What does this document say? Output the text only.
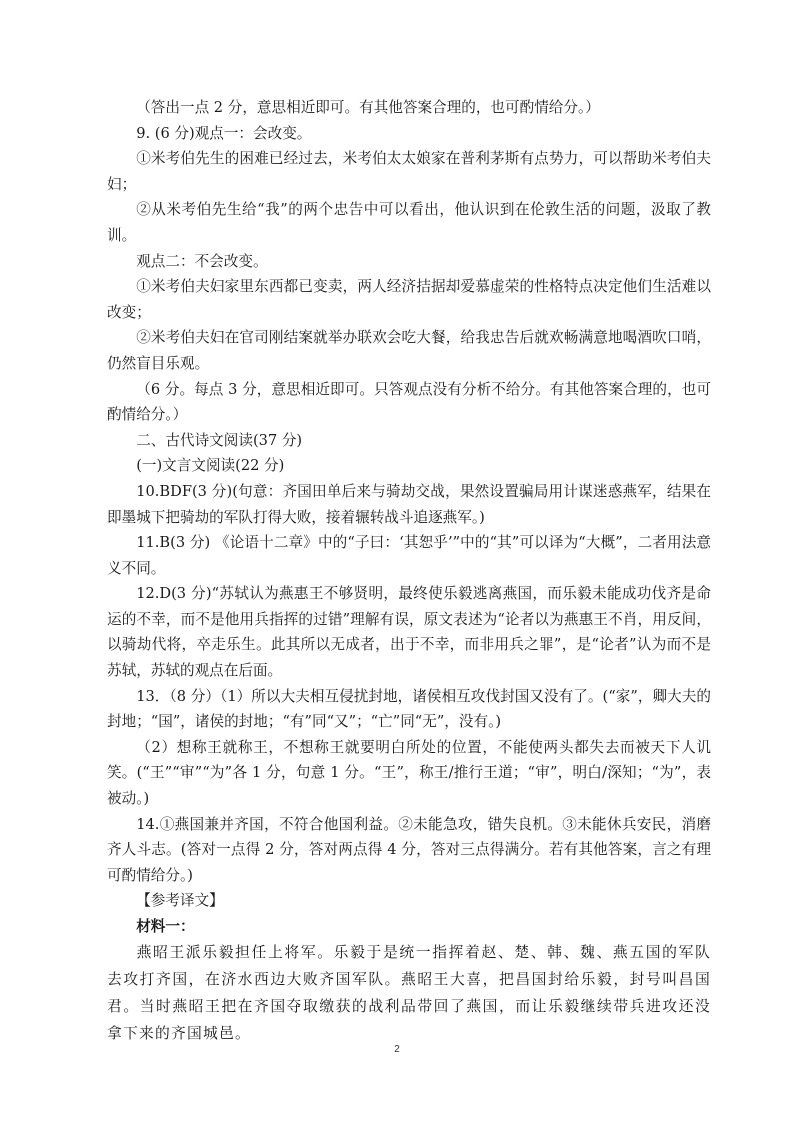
（答出一点 2 分，意思相近即可。有其他答案合理的，也可酌情给分。）

9. (6 分)观点一：会改变。

①米考伯先生的困难已经过去，米考伯太太娘家在普利茅斯有点势力，可以帮助米考伯夫妇；

②从米考伯先生给“我”的两个忠告中可以看出，他认识到在伦敦生活的问题，汲取了教训。

观点二：不会改变。

①米考伯夫妇家里东西都已变卖，两人经济拮据却爱慕虚荣的性格特点决定他们生活难以改变；

②米考伯夫妇在官司刚结案就举办联欢会吃大餐，给我忠告后就欢畅满意地喝酒吹口哨，仍然盲目乐观。

（6 分。每点 3 分，意思相近即可。只答观点没有分析不给分。有其他答案合理的，也可酌情给分。）

二、古代诗文阅读(37 分)

(一)文言文阅读(22 分)

10.BDF(3 分)(句意：齐国田单后来与骑劫交战，果然设置骗局用计谋迷惑燕军，结果在即墨城下把骑劫的军队打得大败，接着辗转战斗追逐燕军。)

11.B(3 分) 《论语十二章》中的“子曰：‘其恕乎’”中的“其”可以译为“大概”，二者用法意义不同。

12.D(3 分)“苏轼认为燕惠王不够贤明，最终使乐毅逃离燕国，而乐毅未能成功伐齐是命运的不幸，而不是他用兵指挥的过错”理解有误，原文表述为“论者以为燕惠王不肖，用反间，以骑劫代将，卒走乐生。此其所以无成者，出于不幸，而非用兵之罪”，是“论者”认为而不是苏轼，苏轼的观点在后面。

13．（8 分）（1）所以大夫相互侵扰封地，诸侯相互攻伐封国又没有了。(“家”，卿大夫的封地；“国”，诸侯的封地；“有”同“又”；“亡”同“无”，没有。)

（2）想称王就称王，不想称王就要明白所处的位置，不能使两头都失去而被天下人讥笑。(“王”“审”“为”各 1 分，句意 1 分。“王”，称王/推行王道；“审”，明白/深知；“为”，表被动。)

14.①燕国兼并齐国，不符合他国利益。②未能急攻，错失良机。③未能休兵安民，消磨齐人斗志。(答对一点得 2 分，答对两点得 4 分，答对三点得满分。若有其他答案，言之有理可酌情给分。)

【参考译文】

材料一：

燕昭王派乐毅担任上将军。乐毅于是统一指挥着赵、楚、韩、魏、燕五国的军队去攻打齐国，在济水西边大败齐国军队。燕昭王大喜，把昌国封给乐毅，封号叫昌国君。当时燕昭王把在齐国夺取缴获的战利品带回了燕国，而让乐毅继续带兵进攻还没拿下来的齐国城邑。

2
